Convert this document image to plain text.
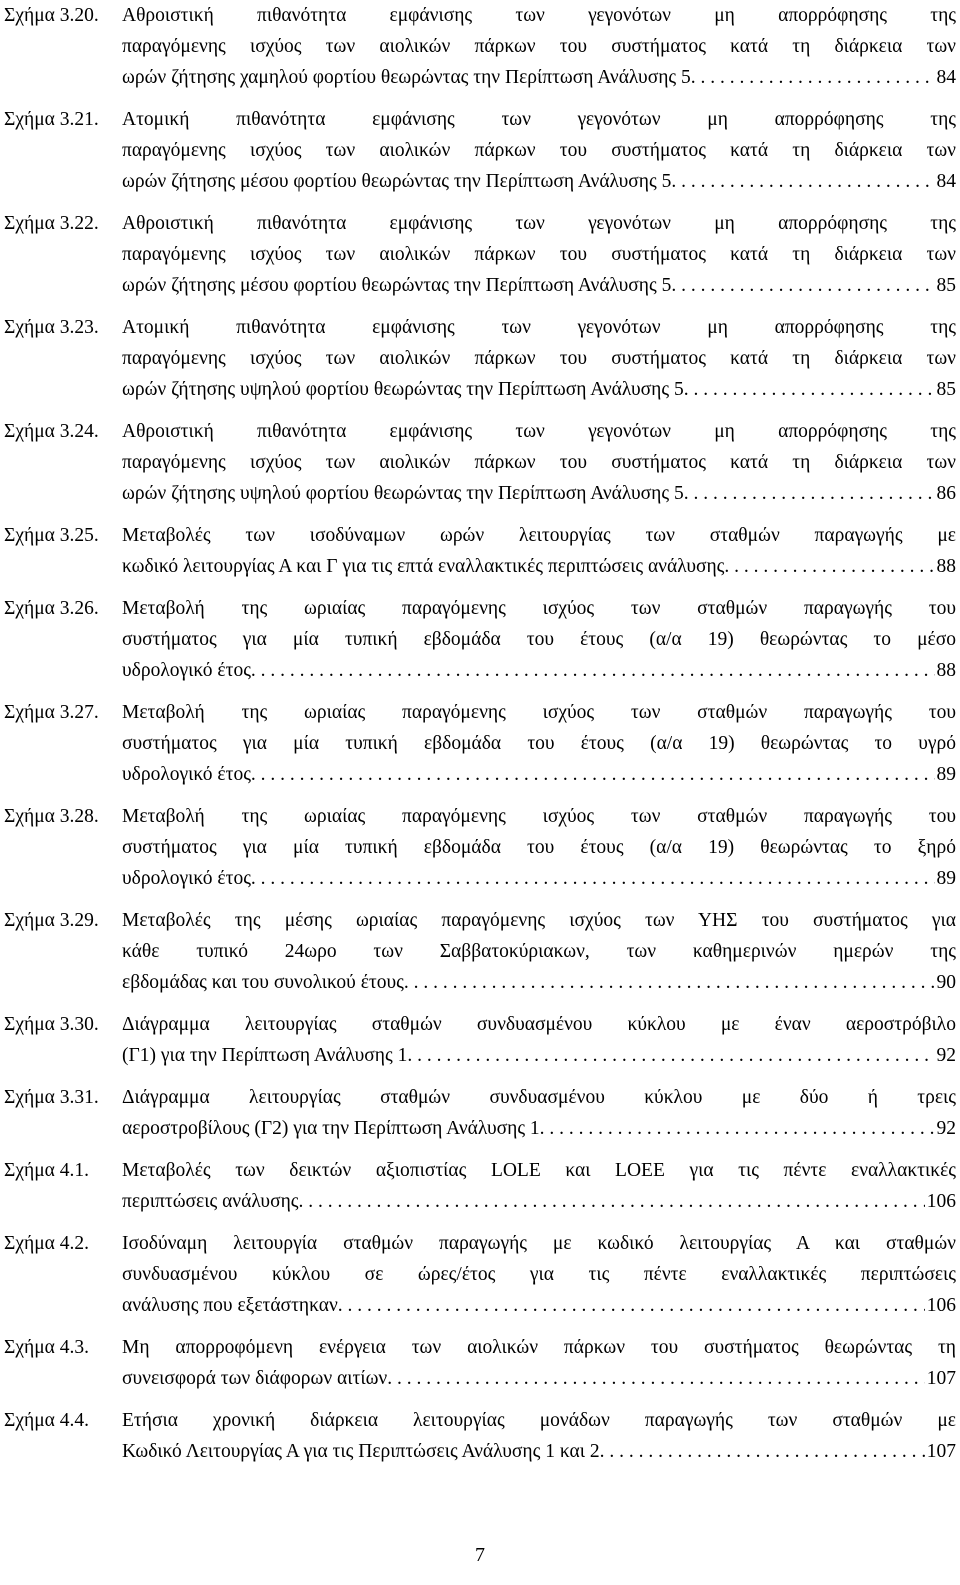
Σχήμα 3.20.	Αθροιστική πιθανότητα εμφάνισης των γεγονότων μη απορρόφησης της
παραγόμενης ισχύος των αιολικών πάρκων του συστήματος κατά τη διάρκεια των
ωρών ζήτησης χαμηλού φορτίου θεωρώντας την Περίπτωση Ανάλυσης 5 . . .	84
Σχήμα 3.21.	Ατομική πιθανότητα εμφάνισης των γεγονότων μη απορρόφησης της
παραγόμενης ισχύος των αιολικών πάρκων του συστήματος κατά τη διάρκεια των
ωρών ζήτησης μέσου φορτίου θεωρώντας την Περίπτωση Ανάλυσης 5 . . .	84
Σχήμα 3.22.	Αθροιστική πιθανότητα εμφάνισης των γεγονότων μη απορρόφησης της
παραγόμενης ισχύος των αιολικών πάρκων του συστήματος κατά τη διάρκεια των
ωρών ζήτησης μέσου φορτίου θεωρώντας την Περίπτωση Ανάλυσης 5 . . .	85
Σχήμα 3.23.	Ατομική πιθανότητα εμφάνισης των γεγονότων μη απορρόφησης της
παραγόμενης ισχύος των αιολικών πάρκων του συστήματος κατά τη διάρκεια των
ωρών ζήτησης υψηλού φορτίου θεωρώντας την Περίπτωση Ανάλυσης 5 . . .	85
Σχήμα 3.24.	Αθροιστική πιθανότητα εμφάνισης των γεγονότων μη απορρόφησης της
παραγόμενης ισχύος των αιολικών πάρκων του συστήματος κατά τη διάρκεια των
ωρών ζήτησης υψηλού φορτίου θεωρώντας την Περίπτωση Ανάλυσης 5 . . .	86
Σχήμα 3.25.	Μεταβολές των ισοδύναμων ωρών λειτουργίας των σταθμών παραγωγής με
κωδικό λειτουργίας Α και Γ για τις επτά εναλλακτικές περιπτώσεις ανάλυσης . . .	88
Σχήμα 3.26.	Μεταβολή της ωριαίας παραγόμενης ισχύος των σταθμών παραγωγής του
συστήματος για μία τυπική εβδομάδα του έτους (α/α 19) θεωρώντας το μέσο
υδρολογικό έτος . . .	88
Σχήμα 3.27.	Μεταβολή της ωριαίας παραγόμενης ισχύος των σταθμών παραγωγής του
συστήματος για μία τυπική εβδομάδα του έτους (α/α 19) θεωρώντας το υγρό
υδρολογικό έτος . . .	89
Σχήμα 3.28.	Μεταβολή της ωριαίας παραγόμενης ισχύος των σταθμών παραγωγής του
συστήματος για μία τυπική εβδομάδα του έτους (α/α 19) θεωρώντας το ξηρό
υδρολογικό έτος . . .	89
Σχήμα 3.29.	Μεταβολές της μέσης ωριαίας παραγόμενης ισχύος των ΥΗΣ του συστήματος για
κάθε τυπικό 24ωρο των Σαββατοκύριακων, των καθημερινών ημερών της
εβδομάδας και του συνολικού έτους . . .	90
Σχήμα 3.30.	Διάγραμμα λειτουργίας σταθμών συνδυασμένου κύκλου με έναν αεροστρόβιλο
(Γ1) για την Περίπτωση Ανάλυσης 1 . . .	92
Σχήμα 3.31.	Διάγραμμα λειτουργίας σταθμών συνδυασμένου κύκλου με δύο ή τρεις
αεροστροβίλους (Γ2) για την Περίπτωση Ανάλυσης 1 . . .	92
Σχήμα 4.1.	Μεταβολές των δεικτών αξιοπιστίας LOLE και LOEE για τις πέντε εναλλακτικές
περιπτώσεις ανάλυσης . . .	106
Σχήμα 4.2.	Ισοδύναμη λειτουργία σταθμών παραγωγής με κωδικό λειτουργίας Α και σταθμών
συνδυασμένου κύκλου σε ώρες/έτος για τις πέντε εναλλακτικές περιπτώσεις
ανάλυσης που εξετάστηκαν . . .	106
Σχήμα 4.3.	Μη απορροφόμενη ενέργεια των αιολικών πάρκων του συστήματος θεωρώντας τη
συνεισφορά των διάφορων αιτίων . . .	107
Σχήμα 4.4.	Ετήσια χρονική διάρκεια λειτουργίας μονάδων παραγωγής των σταθμών με
Κωδικό Λειτουργίας Α για τις Περιπτώσεις Ανάλυσης 1 και 2 . . .	107
7
